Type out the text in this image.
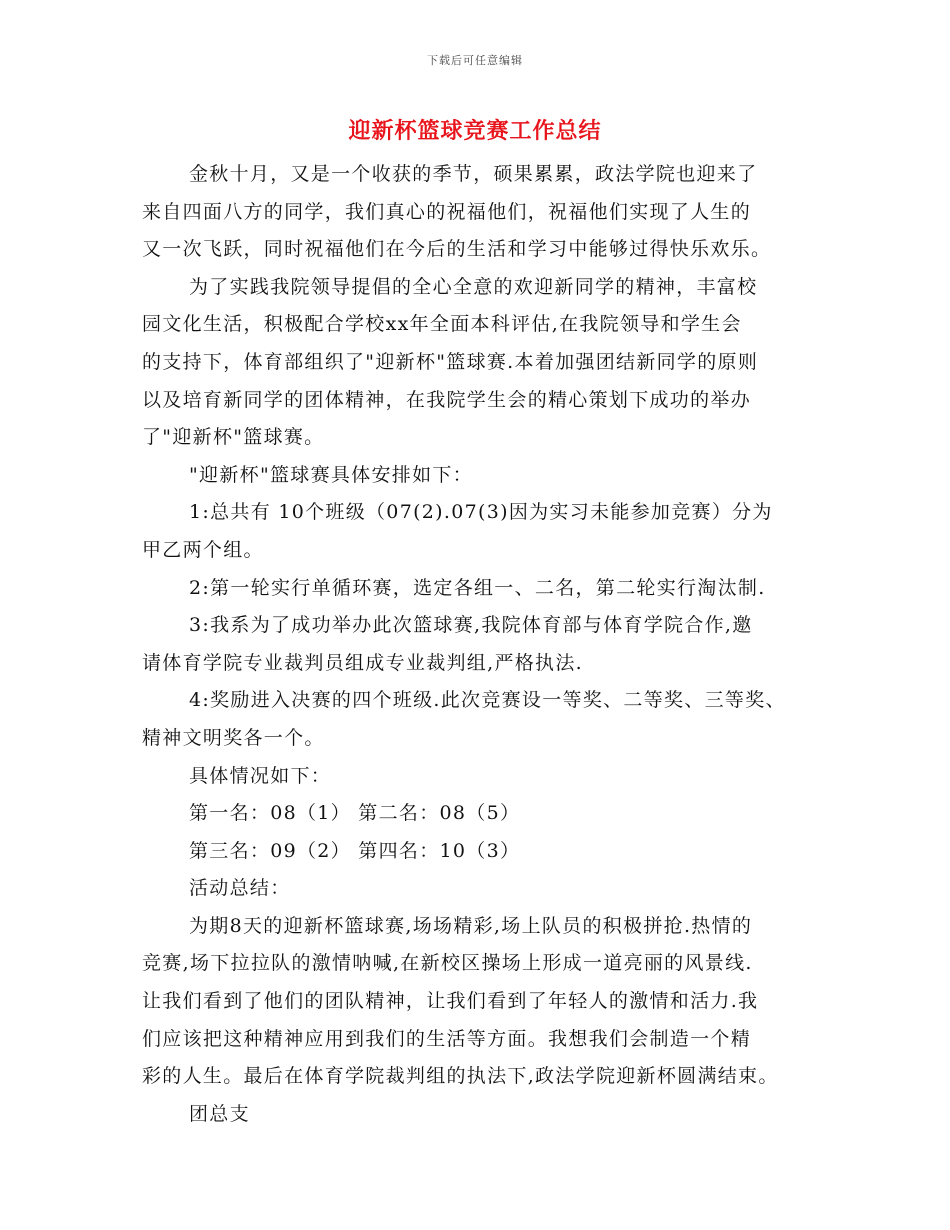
下载后可任意编辑
迎新杯篮球竞赛工作总结
金秋十月，又是一个收获的季节，硕果累累，政法学院也迎来了
来自四面八方的同学，我们真心的祝福他们，祝福他们实现了人生的
又一次飞跃，同时祝福他们在今后的生活和学习中能够过得快乐欢乐。
为了实践我院领导提倡的全心全意的欢迎新同学的精神，丰富校
园文化生活，积极配合学校xx年全面本科评估,在我院领导和学生会
的支持下，体育部组织了"迎新杯"篮球赛.本着加强团结新同学的原则
以及培育新同学的团体精神，在我院学生会的精心策划下成功的举办
了"迎新杯"篮球赛。
"迎新杯"篮球赛具体安排如下：
1:总共有 10个班级（07(2).07(3)因为实习未能参加竞赛）分为
甲乙两个组。
2:第一轮实行单循环赛，选定各组一、二名，第二轮实行淘汰制.
3:我系为了成功举办此次篮球赛,我院体育部与体育学院合作,邀
请体育学院专业裁判员组成专业裁判组,严格执法.
4:奖励进入决赛的四个班级.此次竞赛设一等奖、二等奖、三等奖、
精神文明奖各一个。
具体情况如下：
第一名：08（1） 第二名：08（5）
第三名：09（2） 第四名：10（3）
活动总结：
为期8天的迎新杯篮球赛,场场精彩,场上队员的积极拼抢.热情的
竞赛,场下拉拉队的激情呐喊,在新校区操场上形成一道亮丽的风景线.
让我们看到了他们的团队精神，让我们看到了年轻人的激情和活力.我
们应该把这种精神应用到我们的生活等方面。我想我们会制造一个精
彩的人生。最后在体育学院裁判组的执法下,政法学院迎新杯圆满结束。
团总支
